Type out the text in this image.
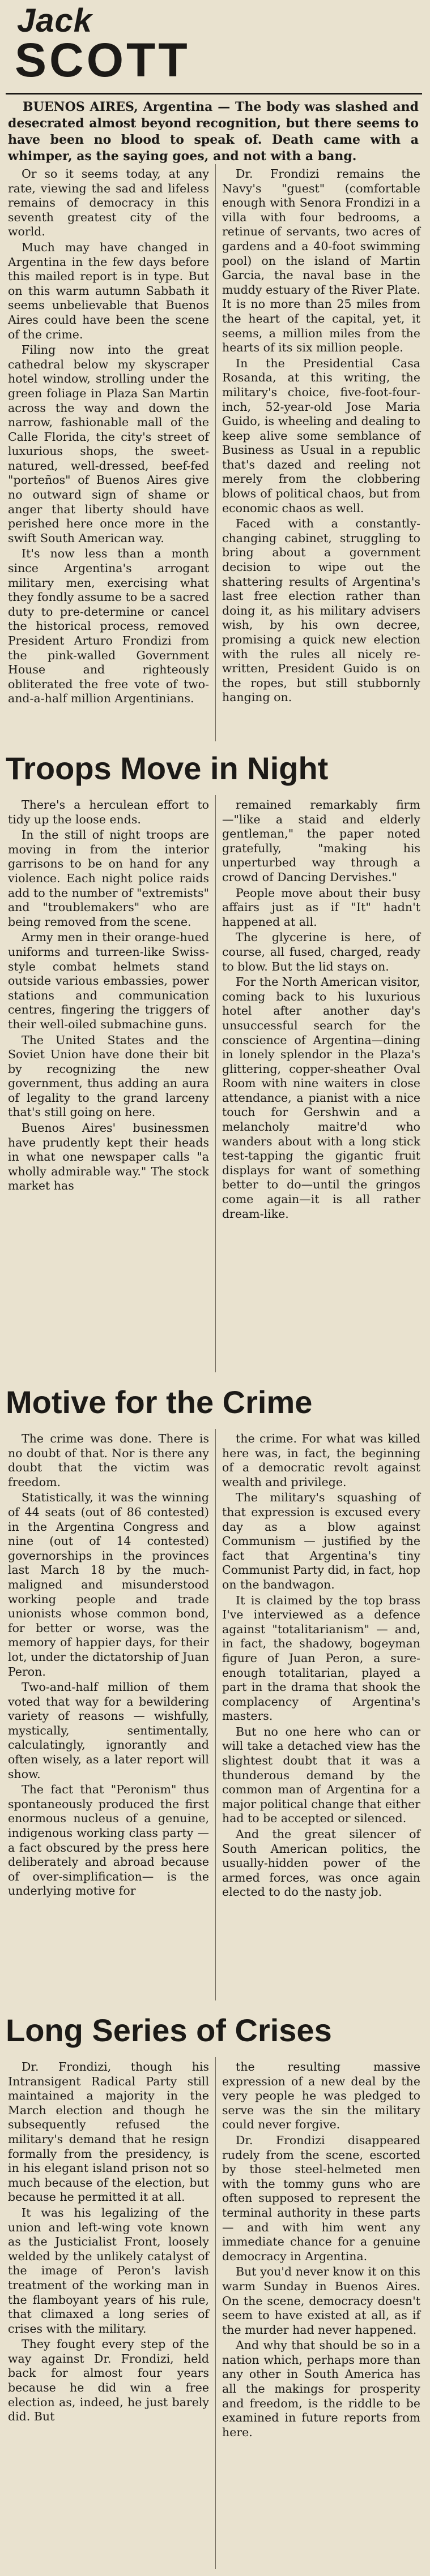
Jack
SCOTT
BUENOS AIRES, Argentina — The body was slashed and desecrated almost beyond recognition, but there seems to have been no blood to speak of. Death came with a whimper, as the saying goes, and not with a bang.

Or so it seems today, at any rate, viewing the sad and lifeless remains of democracy in this seventh greatest city of the world.

Much may have changed in Argentina in the few days before this mailed report is in type. But on this warm autumn Sabbath it seems unbelievable that Buenos Aires could have been the scene of the crime.

Filing now into the great cathedral below my skyscraper hotel window, strolling under the green foliage in Plaza San Martin across the way and down the narrow, fashionable mall of the Calle Florida, the city's street of luxurious shops, the sweet-natured, well-dressed, beef-fed "porteños" of Buenos Aires give no outward sign of shame or anger that liberty should have perished here once more in the swift South American way.

It's now less than a month since Argentina's arrogant military men, exercising what they fondly assume to be a sacred duty to pre-determine or cancel the historical process, removed President Arturo Frondizi from the pink-walled Government House and righteously obliterated the free vote of two-and-a-half million Argentinians.

Dr. Frondizi remains the Navy's "guest" (comfortable enough with Senora Frondizi in a villa with four bedrooms, a retinue of servants, two acres of gardens and a 40-foot swimming pool) on the island of Martin Garcia, the naval base in the muddy estuary of the River Plate. It is no more than 25 miles from the heart of the capital, yet, it seems, a million miles from the hearts of its six million people.

In the Presidential Casa Rosanda, at this writing, the military's choice, five-foot-four-inch, 52-year-old Jose Maria Guido, is wheeling and dealing to keep alive some semblance of Business as Usual in a republic that's dazed and reeling not merely from the clobbering blows of political chaos, but from economic chaos as well.

Faced with a constantly-changing cabinet, struggling to bring about a government decision to wipe out the shattering results of Argentina's last free election rather than doing it, as his military advisers wish, by his own decree, promising a quick new election with the rules all nicely re-written, President Guido is on the ropes, but still stubbornly hanging on.

Troops Move in Night

There's a herculean effort to tidy up the loose ends.

In the still of night troops are moving in from the interior garrisons to be on hand for any violence. Each night police raids add to the number of "extremists" and "troublemakers" who are being removed from the scene.

Army men in their orange-hued uniforms and turreen-like Swiss-style combat helmets stand outside various embassies, power stations and communication centres, fingering the triggers of their well-oiled submachine guns.

The United States and the Soviet Union have done their bit by recognizing the new government, thus adding an aura of legality to the grand larceny that's still going on here.

Buenos Aires' businessmen have prudently kept their heads in what one newspaper calls "a wholly admirable way." The stock market has

remained remarkably firm—"like a staid and elderly gentleman," the paper noted gratefully, "making his unperturbed way through a crowd of Dancing Dervishes."

People move about their busy affairs just as if "It" hadn't happened at all.

The glycerine is here, of course, all fused, charged, ready to blow. But the lid stays on.

For the North American visitor, coming back to his luxurious hotel after another day's unsuccessful search for the conscience of Argentina—dining in lonely splendor in the Plaza's glittering, copper-sheather Oval Room with nine waiters in close attendance, a pianist with a nice touch for Gershwin and a melancholy maitre'd who wanders about with a long stick test-tapping the gigantic fruit displays for want of something better to do—until the gringos come again—it is all rather dream-like.

Motive for the Crime

The crime was done. There is no doubt of that. Nor is there any doubt that the victim was freedom.

Statistically, it was the winning of 44 seats (out of 86 contested) in the Argentina Congress and nine (out of 14 contested) governorships in the provinces last March 18 by the much-maligned and misunderstood working people and trade unionists whose common bond, for better or worse, was the memory of happier days, for their lot, under the dictatorship of Juan Peron.

Two-and-half million of them voted that way for a bewildering variety of reasons — wishfully, mystically, sentimentally, calculatingly, ignorantly and often wisely, as a later report will show.

The fact that "Peronism" thus spontaneously produced the first enormous nucleus of a genuine, indigenous working class party — a fact obscured by the press here deliberately and abroad because of over-simplification— is the underlying motive for

the crime. For what was killed here was, in fact, the beginning of a democratic revolt against wealth and privilege.

The military's squashing of that expression is excused every day as a blow against Communism — justified by the fact that Argentina's tiny Communist Party did, in fact, hop on the bandwagon.

It is claimed by the top brass I've interviewed as a defence against "totalitarianism" — and, in fact, the shadowy, bogeyman figure of Juan Peron, a sure-enough totalitarian, played a part in the drama that shook the complacency of Argentina's masters.

But no one here who can or will take a detached view has the slightest doubt that it was a thunderous demand by the common man of Argentina for a major political change that either had to be accepted or silenced.

And the great silencer of South American politics, the usually-hidden power of the armed forces, was once again elected to do the nasty job.

Long Series of Crises

Dr. Frondizi, though his Intransigent Radical Party still maintained a majority in the March election and though he subsequently refused the military's demand that he resign formally from the presidency, is in his elegant island prison not so much because of the election, but because he permitted it at all.

It was his legalizing of the union and left-wing vote known as the Justicialist Front, loosely welded by the unlikely catalyst of the image of Peron's lavish treatment of the working man in the flamboyant years of his rule, that climaxed a long series of crises with the military.

They fought every step of the way against Dr. Frondizi, held back for almost four years because he did win a free election as, indeed, he just barely did. But

the resulting massive expression of a new deal by the very people he was pledged to serve was the sin the military could never forgive.

Dr. Frondizi disappeared rudely from the scene, escorted by those steel-helmeted men with the tommy guns who are often supposed to represent the terminal authority in these parts — and with him went any immediate chance for a genuine democracy in Argentina.

But you'd never know it on this warm Sunday in Buenos Aires. On the scene, democracy doesn't seem to have existed at all, as if the murder had never happened.

And why that should be so in a nation which, perhaps more than any other in South America has all the makings for prosperity and freedom, is the riddle to be examined in future reports from here.
